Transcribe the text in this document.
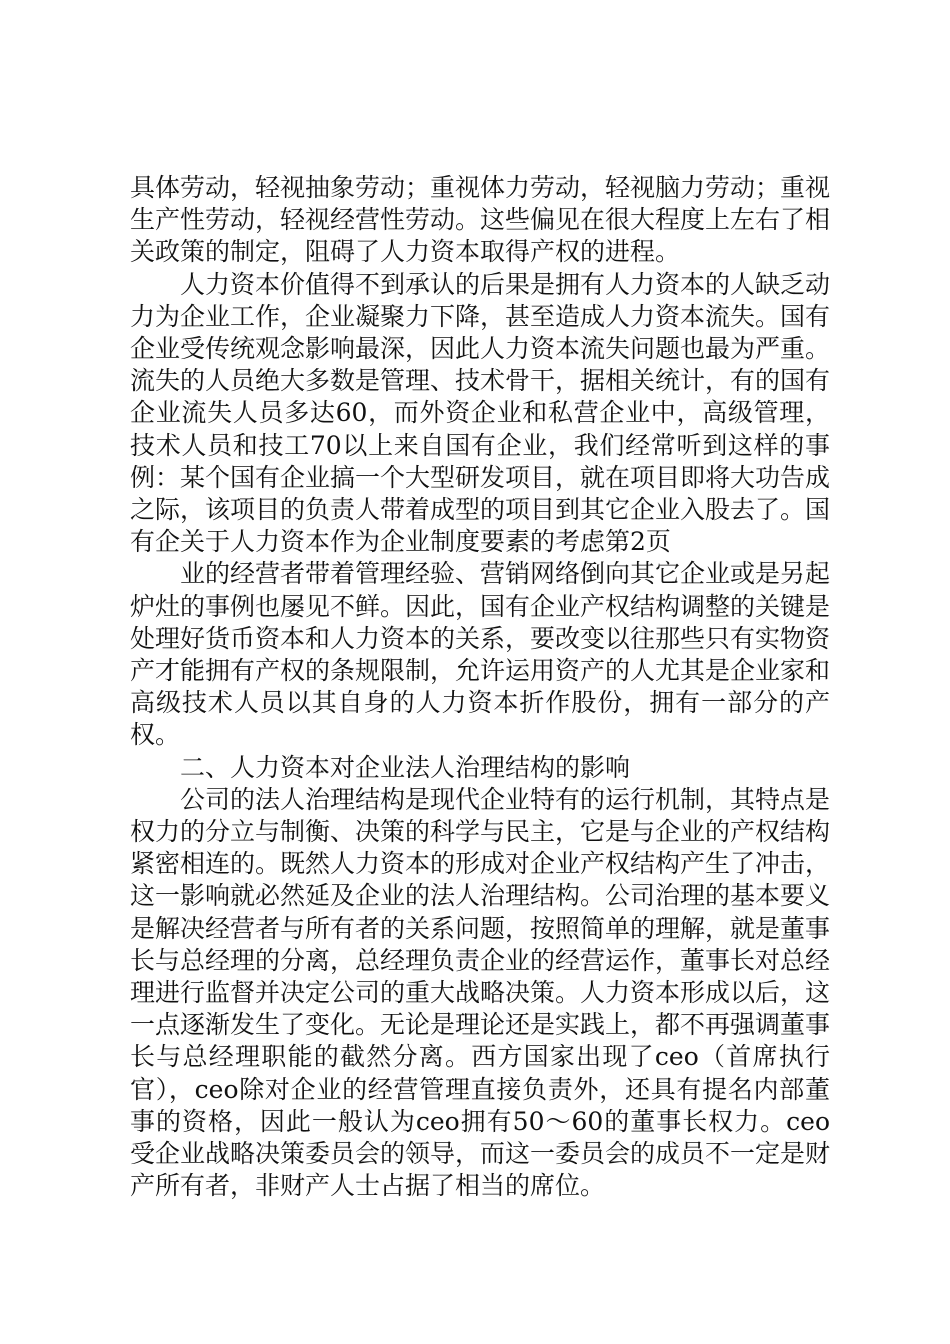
具体劳动，轻视抽象劳动；重视体力劳动，轻视脑力劳动；重视生产性劳动，轻视经营性劳动。这些偏见在很大程度上左右了相关政策的制定，阻碍了人力资本取得产权的进程。

人力资本价值得不到承认的后果是拥有人力资本的人缺乏动力为企业工作，企业凝聚力下降，甚至造成人力资本流失。国有企业受传统观念影响最深，因此人力资本流失问题也最为严重。流失的人员绝大多数是管理、技术骨干，据相关统计，有的国有企业流失人员多达60，而外资企业和私营企业中，高级管理，技术人员和技工70以上来自国有企业，我们经常听到这样的事例：某个国有企业搞一个大型研发项目，就在项目即将大功告成之际，该项目的负责人带着成型的项目到其它企业入股去了。国有企关于人力资本作为企业制度要素的考虑第2页

业的经营者带着管理经验、营销网络倒向其它企业或是另起炉灶的事例也屡见不鲜。因此，国有企业产权结构调整的关键是处理好货币资本和人力资本的关系，要改变以往那些只有实物资产才能拥有产权的条规限制，允许运用资产的人尤其是企业家和高级技术人员以其自身的人力资本折作股份，拥有一部分的产权。

二、人力资本对企业法人治理结构的影响

公司的法人治理结构是现代企业特有的运行机制，其特点是权力的分立与制衡、决策的科学与民主，它是与企业的产权结构紧密相连的。既然人力资本的形成对企业产权结构产生了冲击，这一影响就必然延及企业的法人治理结构。公司治理的基本要义是解决经营者与所有者的关系问题，按照简单的理解，就是董事长与总经理的分离，总经理负责企业的经营运作，董事长对总经理进行监督并决定公司的重大战略决策。人力资本形成以后，这一点逐渐发生了变化。无论是理论还是实践上，都不再强调董事长与总经理职能的截然分离。西方国家出现了ceo（首席执行官），ceo除对企业的经营管理直接负责外，还具有提名内部董事的资格，因此一般认为ceo拥有50～60的董事长权力。ceo受企业战略决策委员会的领导，而这一委员会的成员不一定是财产所有者，非财产人士占据了相当的席位。
